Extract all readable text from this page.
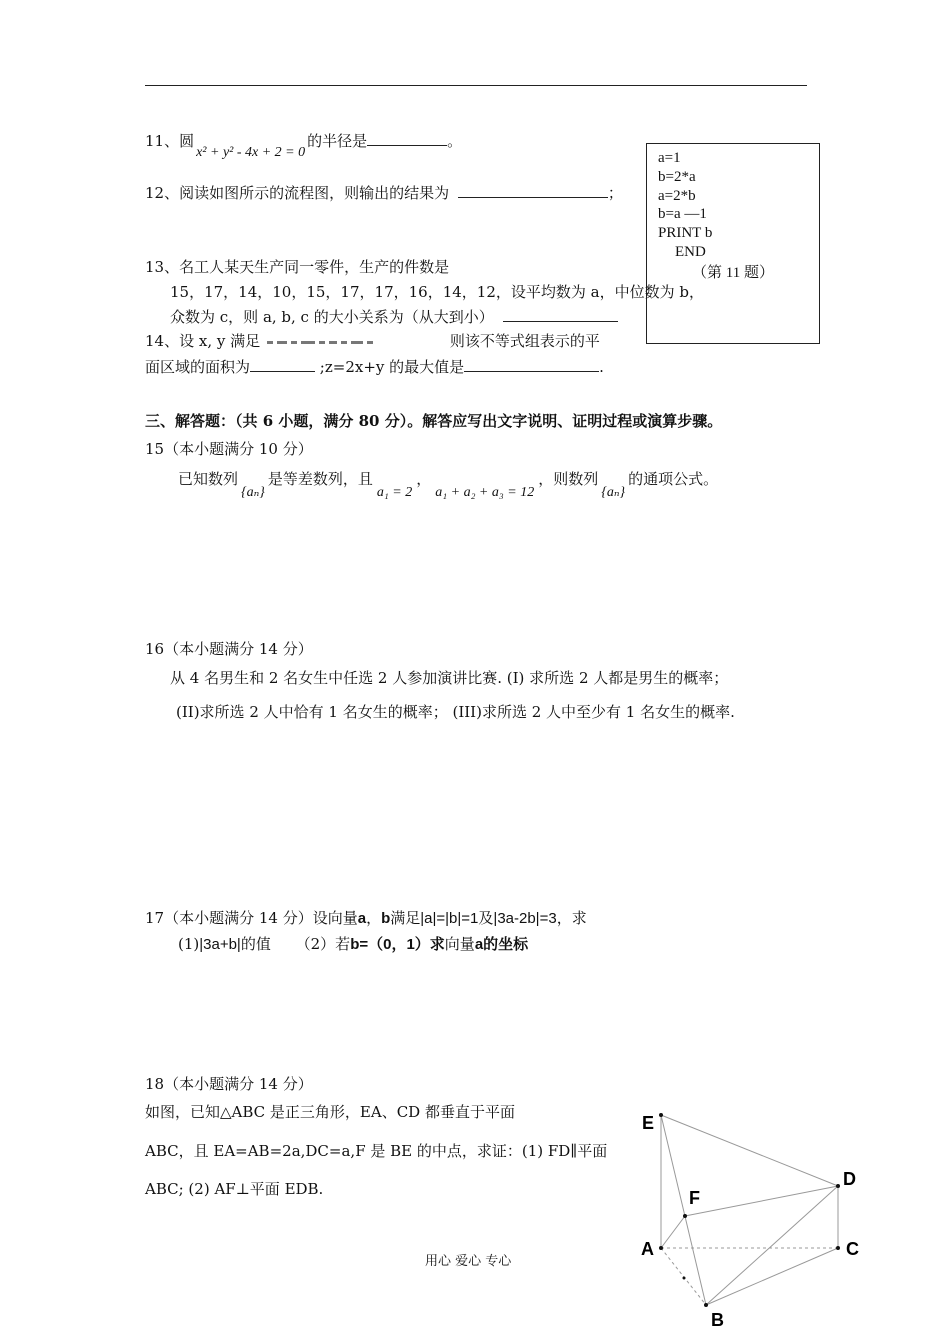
11、圆x² + y² - 4x + 2 = 0的半径是	。
12、阅读如图所示的流程图，则输出的结果为	；
a=1
b=2*a
a=2*b
b=a —1
PRINT b
END
（第 11 题）
13、名工人某天生产同一零件，生产的件数是
15，17，14，10，15，17，17，16，14，12，设平均数为 a，中位数为 b，
众数为 c，则 a, b, c 的大小关系为（从大到小）
14、设 x, y 满足	则该不等式组表示的平
面区域的面积为	;z=2x+y 的最大值是	.
三、解答题：（共 6 小题，满分 80 分）。解答应写出文字说明、证明过程或演算步骤。
15（本小题满分 10 分）
已知数列{aₙ}是等差数列，且a₁ = 2，a₁ + a₂ + a₃ = 12，则数列{aₙ}的通项公式。
16（本小题满分 14 分）
从 4 名男生和 2 名女生中任选 2 人参加演讲比赛. (I) 求所选 2 人都是男生的概率；
(II)求所选 2 人中恰有 1 名女生的概率； (III)求所选 2 人中至少有 1 名女生的概率.
17（本小题满分 14 分）设向量a，b满足|a|=|b|=1及|3a-2b|=3，求
(1)|3a+b|的值 （2）若b=（0，1）求向量a的坐标
18（本小题满分 14 分）
如图，已知△ABC 是正三角形，EA、CD 都垂直于平面
ABC，且 EA=AB=2a,DC=a,F 是 BE 的中点，求证：(1) FD∥平面
ABC; (2) AF⊥平面 EDB.
E
F
D
A	C
B
用心 爱心 专心
